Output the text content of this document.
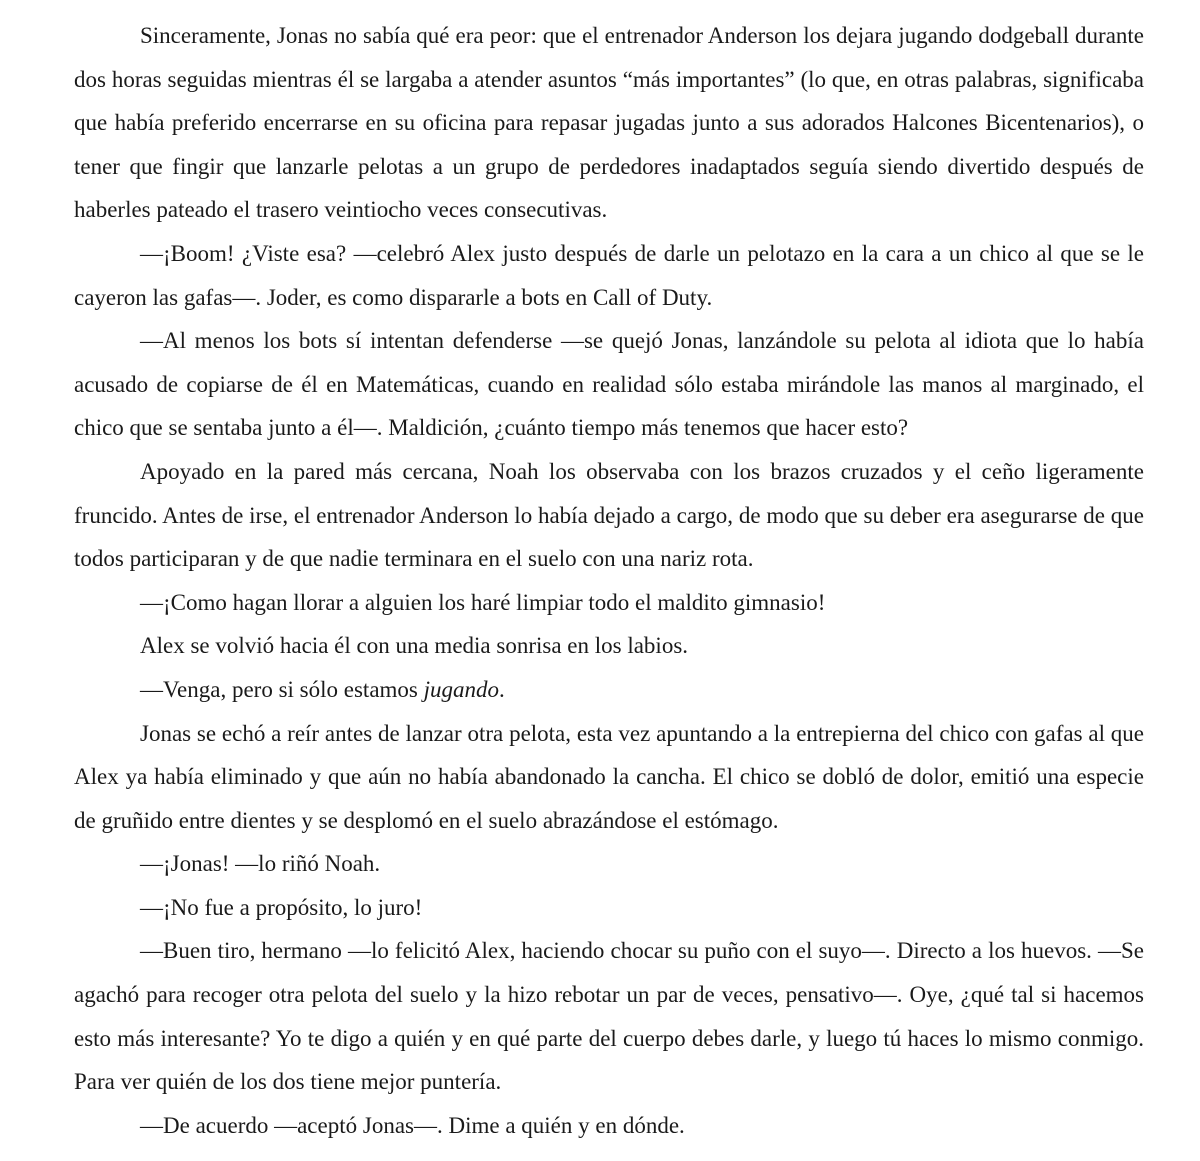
Sinceramente, Jonas no sabía qué era peor: que el entrenador Anderson los dejara jugando dodgeball durante dos horas seguidas mientras él se largaba a atender asuntos “más importantes” (lo que, en otras palabras, significaba que había preferido encerrarse en su oficina para repasar jugadas junto a sus adorados Halcones Bicentenarios), o tener que fingir que lanzarle pelotas a un grupo de perdedores inadaptados seguía siendo divertido después de haberles pateado el trasero veintiocho veces consecutivas.

—¡Boom! ¿Viste esa? —celebró Alex justo después de darle un pelotazo en la cara a un chico al que se le cayeron las gafas—. Joder, es como dispararle a bots en Call of Duty.

—Al menos los bots sí intentan defenderse —se quejó Jonas, lanzándole su pelota al idiota que lo había acusado de copiarse de él en Matemáticas, cuando en realidad sólo estaba mirándole las manos al marginado, el chico que se sentaba junto a él—. Maldición, ¿cuánto tiempo más tenemos que hacer esto?

Apoyado en la pared más cercana, Noah los observaba con los brazos cruzados y el ceño ligeramente fruncido. Antes de irse, el entrenador Anderson lo había dejado a cargo, de modo que su deber era asegurarse de que todos participaran y de que nadie terminara en el suelo con una nariz rota.

—¡Como hagan llorar a alguien los haré limpiar todo el maldito gimnasio!

Alex se volvió hacia él con una media sonrisa en los labios.

—Venga, pero si sólo estamos jugando.

Jonas se echó a reír antes de lanzar otra pelota, esta vez apuntando a la entrepierna del chico con gafas al que Alex ya había eliminado y que aún no había abandonado la cancha. El chico se dobló de dolor, emitió una especie de gruñido entre dientes y se desplomó en el suelo abrazándose el estómago.

—¡Jonas! —lo riñó Noah.

—¡No fue a propósito, lo juro!

—Buen tiro, hermano —lo felicitó Alex, haciendo chocar su puño con el suyo—. Directo a los huevos. —Se agachó para recoger otra pelota del suelo y la hizo rebotar un par de veces, pensativo—. Oye, ¿qué tal si hacemos esto más interesante? Yo te digo a quién y en qué parte del cuerpo debes darle, y luego tú haces lo mismo conmigo. Para ver quién de los dos tiene mejor puntería.

—De acuerdo —aceptó Jonas—. Dime a quién y en dónde.
